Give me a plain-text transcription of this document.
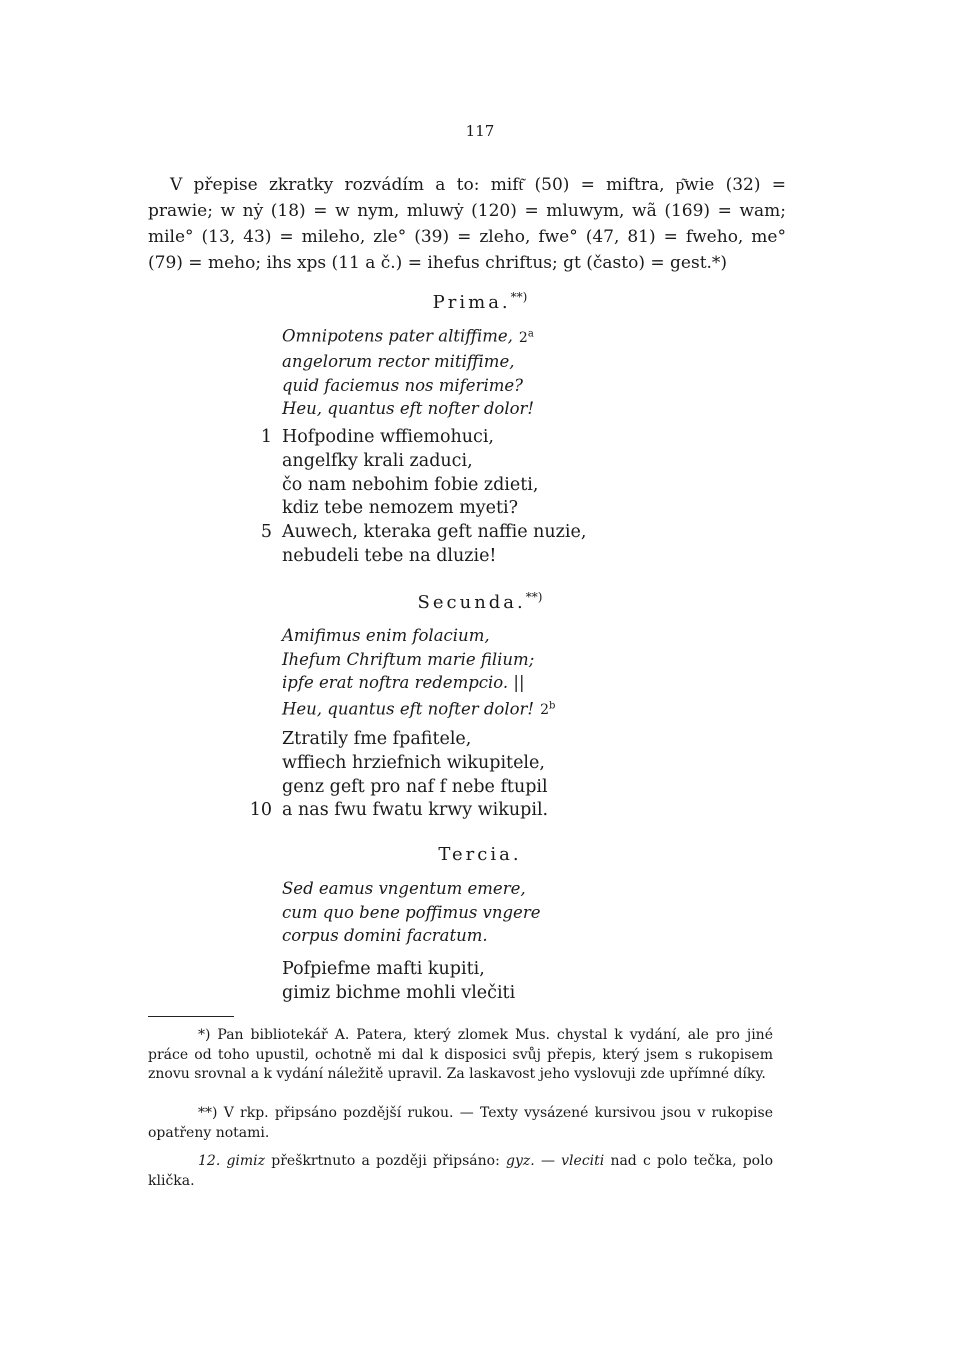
117

V přepise zkratky rozvádím a to: mift͂ (50) = miftra, p͂wie (32) = prawie; w nẏ (18) = w nym, mluwẏ (120) = mluwym, wã (169) = wam; mile° (13, 43) = mileho, zle° (39) = zleho, fwe° (47, 81) = fweho, me° (79) = meho; ihs xps (11 a č.) = ihefus chriftus; gt (často) = gest.*)

Prima.**)
Omnipotens pater altiffime, 2$^a$
angelorum rector mitiffime,
quid faciemus nos miferime?
Heu, quantus eft nofter dolor!
1 Hofpodine wffiemohuci,
angelfky krali zaduci,
čo nam nebohim fobie zdieti,
kdiz tebe nemozem myeti?
5 Auwech, kteraka geft naffie nuzie,
nebudeli tebe na dluzie!
Secunda.**)
Amifimus enim folacium,
Ihefum Chriftum marie filium;
ipfe erat noftra redempcio. ||
Heu, quantus eft nofter dolor! 2$^b$
Ztratily fme fpafitele,
wffiech hrziefnich wikupitele,
genz geft pro naf f nebe ftupil
10 a nas fwu fwatu krwy wikupil.
Tercia.
Sed eamus vngentum emere,
cum quo bene poffimus vngere
corpus domini facratum.
Pofpiefme mafti kupiti,
gimiz bichme mohli vlečiti

*) Pan bibliotekář A. Patera, který zlomek Mus. chystal k vydání, ale pro jiné práce od toho upustil, ochotně mi dal k disposici svůj přepis, který jsem s rukopisem znovu srovnal a k vydání náležitě upravil. Za laskavost jeho vyslovuji zde upřímné díky.

**) V rkp. připsáno pozdější rukou. — Texty vysázené kursivou jsou v rukopise opatřeny notami.

12. gimiz přeškrtnuto a později připsáno: gyz. — vleciti nad c polo tečka, polo klička.
